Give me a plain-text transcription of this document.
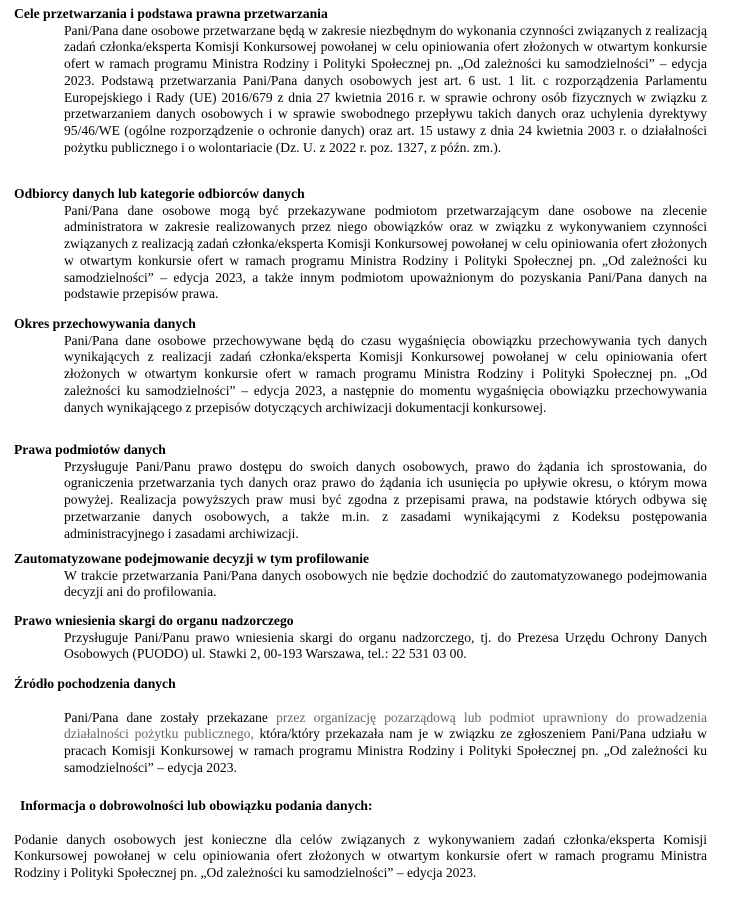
Cele przetwarzania i podstawa prawna przetwarzania

Pani/Pana dane osobowe przetwarzane będą w zakresie niezbędnym do wykonania czynności związanych z realizacją zadań członka/eksperta Komisji Konkursowej powołanej w celu opiniowania ofert złożonych w otwartym konkursie ofert w ramach programu Ministra Rodziny i Polityki Społecznej pn. „Od zależności ku samodzielności” – edycja 2023. Podstawą przetwarzania Pani/Pana danych osobowych jest art. 6 ust. 1 lit. c rozporządzenia Parlamentu Europejskiego i Rady (UE) 2016/679 z dnia 27 kwietnia 2016 r. w sprawie ochrony osób fizycznych w związku z przetwarzaniem danych osobowych i w sprawie swobodnego przepływu takich danych oraz uchylenia dyrektywy 95/46/WE (ogólne rozporządzenie o ochronie danych) oraz art. 15 ustawy z dnia 24 kwietnia 2003 r. o działalności pożytku publicznego i o wolontariacie (Dz. U. z 2022 r. poz. 1327, z późn. zm.).

Odbiorcy danych lub kategorie odbiorców danych

Pani/Pana dane osobowe mogą być przekazywane podmiotom przetwarzającym dane osobowe na zlecenie administratora w zakresie realizowanych przez niego obowiązków oraz w związku z wykonywaniem czynności związanych z realizacją zadań członka/eksperta Komisji Konkursowej powołanej w celu opiniowania ofert złożonych w otwartym konkursie ofert w ramach programu Ministra Rodziny i Polityki Społecznej pn. „Od zależności ku samodzielności” – edycja 2023, a także innym podmiotom upoważnionym do pozyskania Pani/Pana danych na podstawie przepisów prawa.

Okres przechowywania danych

Pani/Pana dane osobowe przechowywane będą do czasu wygaśnięcia obowiązku przechowywania tych danych wynikających z realizacji zadań członka/eksperta Komisji Konkursowej powołanej w celu opiniowania ofert złożonych w otwartym konkursie ofert w ramach programu Ministra Rodziny i Polityki Społecznej pn. „Od zależności ku samodzielności” – edycja 2023, a następnie do momentu wygaśnięcia obowiązku przechowywania danych wynikającego z przepisów dotyczących archiwizacji dokumentacji konkursowej.

Prawa podmiotów danych

Przysługuje Pani/Panu prawo dostępu do swoich danych osobowych, prawo do żądania ich sprostowania, do ograniczenia przetwarzania tych danych oraz prawo do żądania ich usunięcia po upływie okresu, o którym mowa powyżej. Realizacja powyższych praw musi być zgodna z przepisami prawa, na podstawie których odbywa się przetwarzanie danych osobowych, a także m.in. z zasadami wynikającymi z Kodeksu postępowania administracyjnego i zasadami archiwizacji.

Zautomatyzowane podejmowanie decyzji w tym profilowanie

W trakcie przetwarzania Pani/Pana danych osobowych nie będzie dochodzić do zautomatyzowanego podejmowania decyzji ani do profilowania.

Prawo wniesienia skargi do organu nadzorczego

Przysługuje Pani/Panu prawo wniesienia skargi do organu nadzorczego, tj. do Prezesa Urzędu Ochrony Danych Osobowych (PUODO) ul. Stawki 2, 00-193 Warszawa, tel.: 22 531 03 00.

Źródło pochodzenia danych

Pani/Pana dane zostały przekazane przez organizację pozarządową lub podmiot uprawniony do prowadzenia działalności pożytku publicznego, która/który przekazała nam je w związku ze zgłoszeniem Pani/Pana udziału w pracach Komisji Konkursowej w ramach programu Ministra Rodziny i Polityki Społecznej pn. „Od zależności ku samodzielności” – edycja 2023.

Informacja o dobrowolności lub obowiązku podania danych:

Podanie danych osobowych jest konieczne dla celów związanych z wykonywaniem zadań członka/eksperta Komisji Konkursowej powołanej w celu opiniowania ofert złożonych w otwartym konkursie ofert w ramach programu Ministra Rodziny i Polityki Społecznej pn. „Od zależności ku samodzielności” – edycja 2023.
